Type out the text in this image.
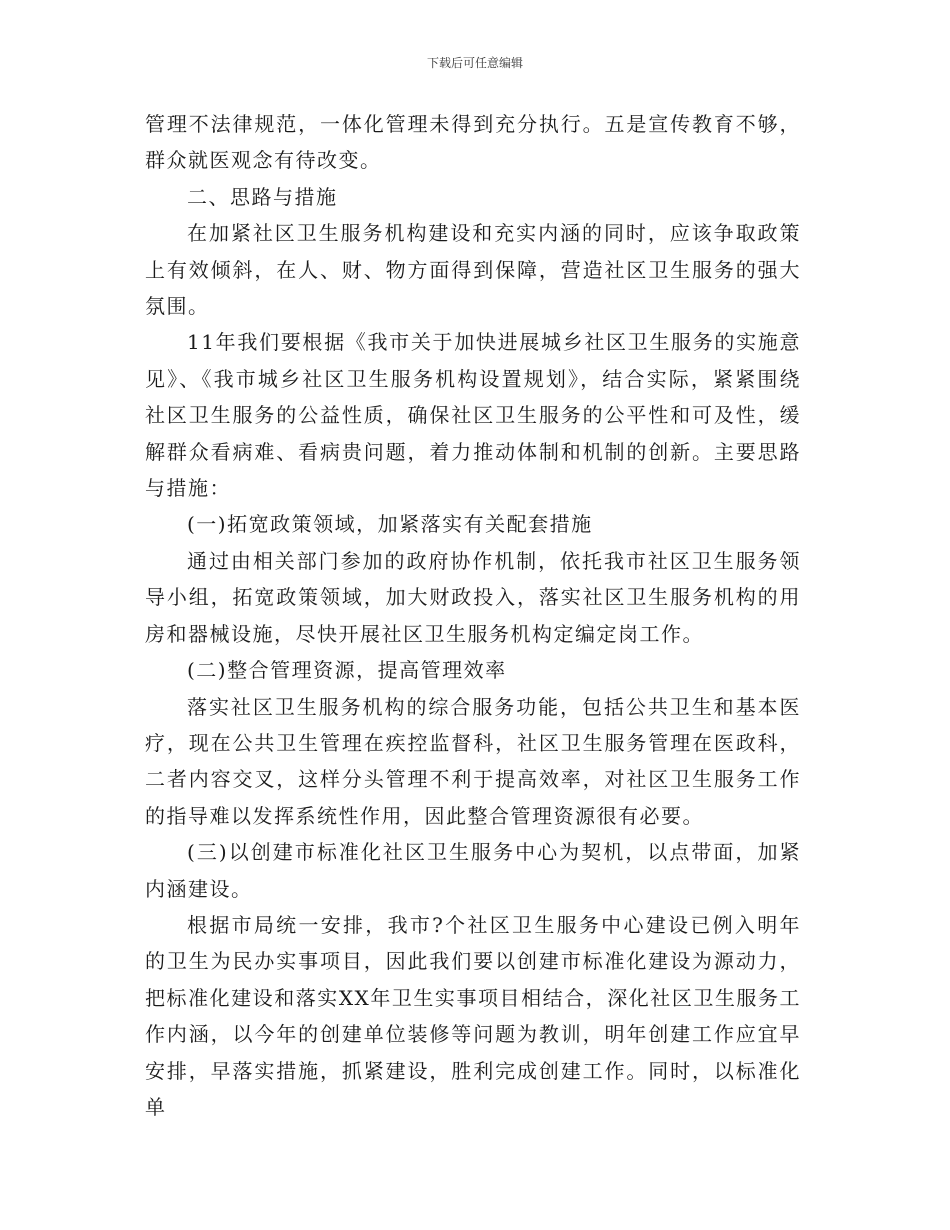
下载后可任意编辑

管理不法律规范，一体化管理未得到充分执行。五是宣传教育不够，群众就医观念有待改变。

二、思路与措施

在加紧社区卫生服务机构建设和充实内涵的同时，应该争取政策上有效倾斜，在人、财、物方面得到保障，营造社区卫生服务的强大氛围。

11年我们要根据《我市关于加快进展城乡社区卫生服务的实施意见》、《我市城乡社区卫生服务机构设置规划》，结合实际，紧紧围绕社区卫生服务的公益性质，确保社区卫生服务的公平性和可及性，缓解群众看病难、看病贵问题，着力推动体制和机制的创新。主要思路与措施：

(一)拓宽政策领域，加紧落实有关配套措施

通过由相关部门参加的政府协作机制，依托我市社区卫生服务领导小组，拓宽政策领域，加大财政投入，落实社区卫生服务机构的用房和器械设施，尽快开展社区卫生服务机构定编定岗工作。

(二)整合管理资源，提高管理效率

落实社区卫生服务机构的综合服务功能，包括公共卫生和基本医疗，现在公共卫生管理在疾控监督科，社区卫生服务管理在医政科，二者内容交叉，这样分头管理不利于提高效率，对社区卫生服务工作的指导难以发挥系统性作用，因此整合管理资源很有必要。

(三)以创建市标准化社区卫生服务中心为契机，以点带面，加紧内涵建设。

根据市局统一安排，我市?个社区卫生服务中心建设已例入明年的卫生为民办实事项目，因此我们要以创建市标准化建设为源动力，把标准化建设和落实XX年卫生实事项目相结合，深化社区卫生服务工作内涵，以今年的创建单位装修等问题为教训，明年创建工作应宜早安排，早落实措施，抓紧建设，胜利完成创建工作。同时，以标准化单
